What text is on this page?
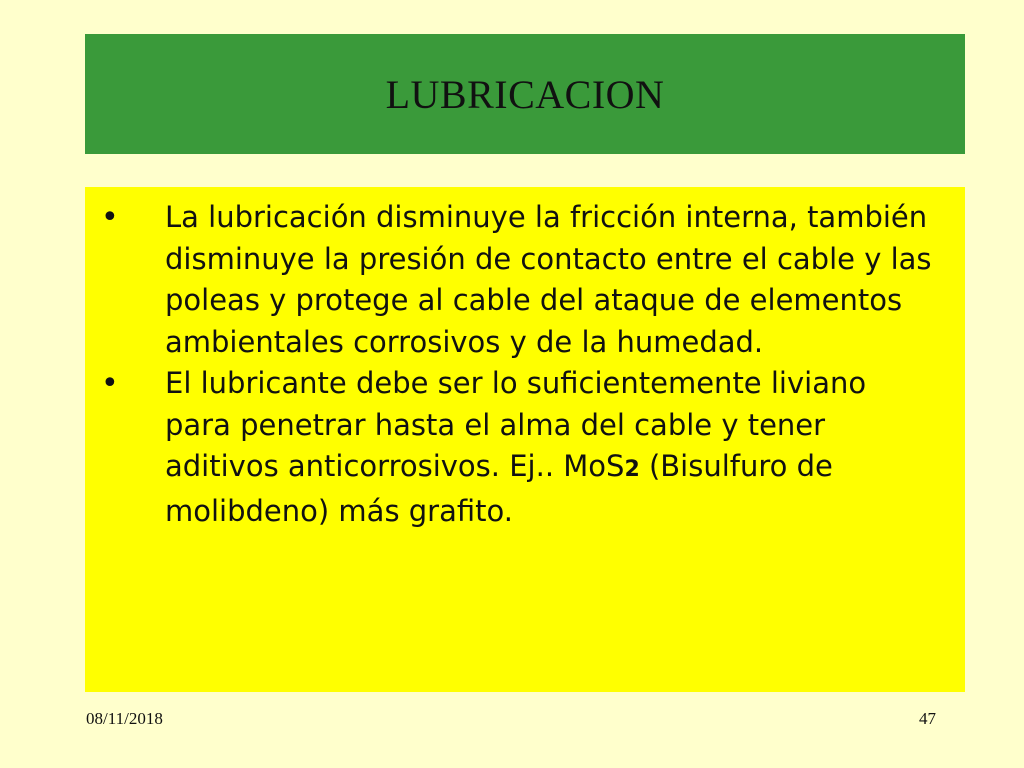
LUBRICACION
•	La lubricación disminuye la fricción interna, también disminuye la presión de contacto entre el cable y las poleas y protege al cable del ataque de elementos ambientales corrosivos y de la humedad.
•	El lubricante debe ser lo suficientemente liviano para penetrar hasta el alma del cable y tener aditivos anticorrosivos. Ej.. MoS2 (Bisulfuro de molibdeno) más grafito.
08/11/2018	47
